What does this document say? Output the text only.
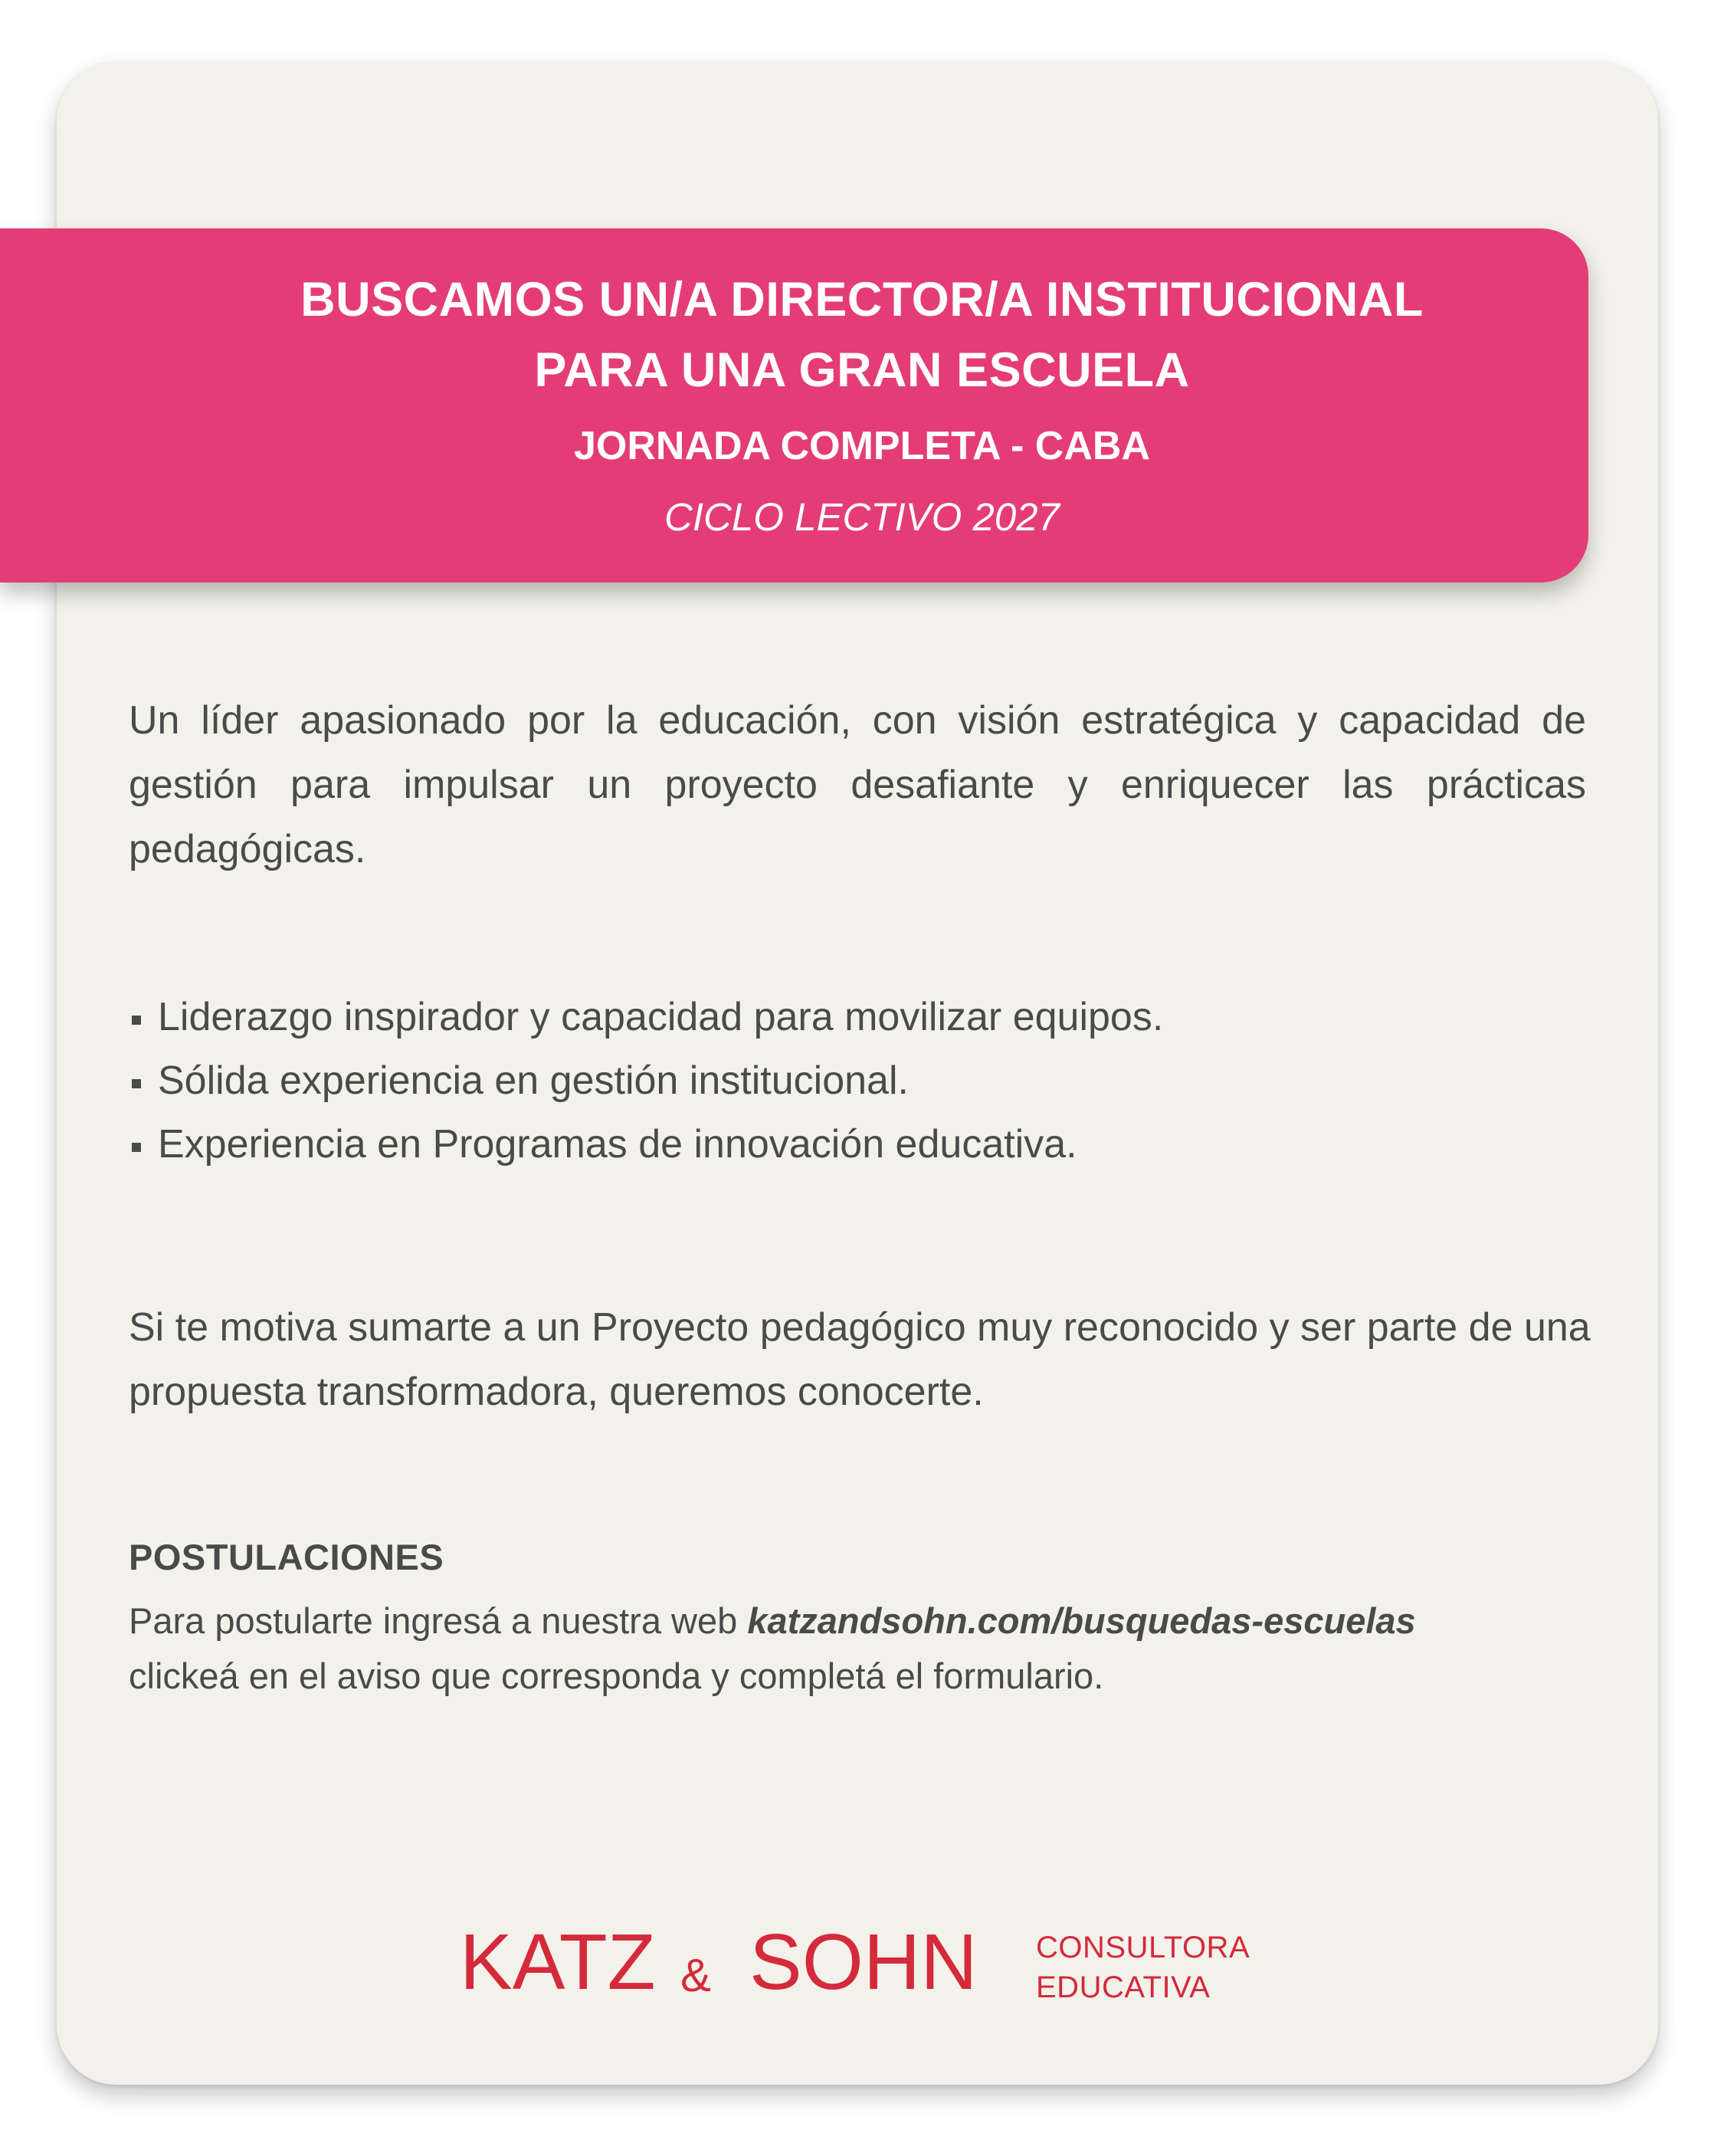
BUSCAMOS UN/A DIRECTOR/A INSTITUCIONAL
PARA UNA GRAN ESCUELA
JORNADA COMPLETA - CABA
CICLO LECTIVO 2027
Un líder apasionado por la educación, con visión estratégica y capacidad de gestión para impulsar un proyecto desafiante y enriquecer las prácticas pedagógicas.
Liderazgo inspirador y capacidad para movilizar equipos.
Sólida experiencia en gestión institucional.
Experiencia en Programas de innovación educativa.
Si te motiva sumarte a un Proyecto pedagógico muy reconocido y ser parte de una propuesta transformadora, queremos conocerte.
POSTULACIONES
Para postularte ingresá a nuestra web katzandsohn.com/busquedas-escuelas
clickeá en el aviso que corresponda y completá el formulario.
KATZ & SOHN CONSULTORA
EDUCATIVA
